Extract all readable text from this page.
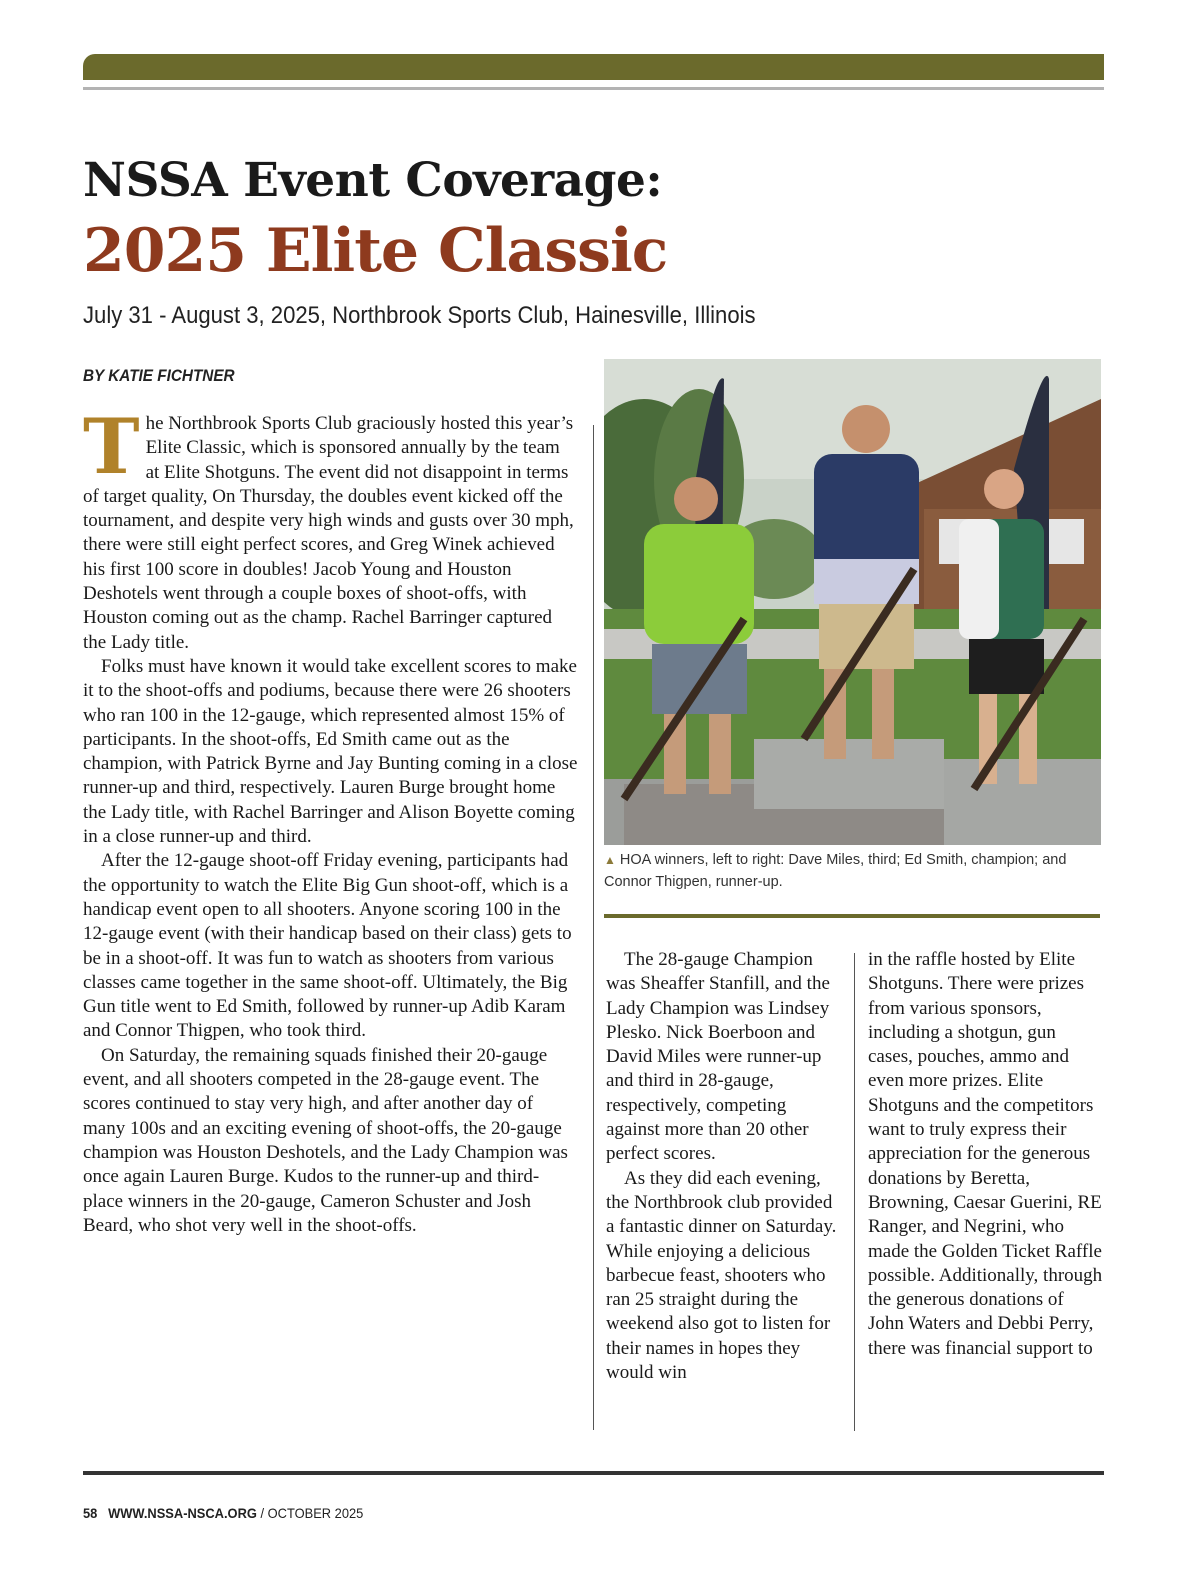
NSSA Event Coverage:
2025 Elite Classic

July 31 - August 3, 2025, Northbrook Sports Club, Hainesville, Illinois

BY KATIE FICHTNER

The Northbrook Sports Club graciously hosted this year’s Elite Classic, which is sponsored annually by the team at Elite Shotguns. The event did not disappoint in terms of target quality, On Thursday, the doubles event kicked off the tournament, and despite very high winds and gusts over 30 mph, there were still eight perfect scores, and Greg Winek achieved his first 100 score in doubles! Jacob Young and Houston Deshotels went through a couple boxes of shoot-offs, with Houston coming out as the champ. Rachel Barringer captured the Lady title.

Folks must have known it would take excellent scores to make it to the shoot-offs and podiums, because there were 26 shooters who ran 100 in the 12-gauge, which represented almost 15% of participants. In the shoot-offs, Ed Smith came out as the champion, with Patrick Byrne and Jay Bunting coming in a close runner-up and third, respectively. Lauren Burge brought home the Lady title, with Rachel Barringer and Alison Boyette coming in a close runner-up and third.

After the 12-gauge shoot-off Friday evening, participants had the opportunity to watch the Elite Big Gun shoot-off, which is a handicap event open to all shooters. Anyone scoring 100 in the 12-gauge event (with their handicap based on their class) gets to be in a shoot-off. It was fun to watch as shooters from various classes came together in the same shoot-off. Ultimately, the Big Gun title went to Ed Smith, followed by runner-up Adib Karam and Connor Thigpen, who took third.

On Saturday, the remaining squads finished their 20-gauge event, and all shooters competed in the 28-gauge event. The scores continued to stay very high, and after another day of many 100s and an exciting evening of shoot-offs, the 20-gauge champion was Houston Deshotels, and the Lady Champion was once again Lauren Burge. Kudos to the runner-up and third-place winners in the 20-gauge, Cameron Schuster and Josh Beard, who shot very well in the shoot-offs.

▲ HOA winners, left to right: Dave Miles, third; Ed Smith, champion; and Connor Thigpen, runner-up.

The 28-gauge Champion was Sheaffer Stanfill, and the Lady Champion was Lindsey Plesko. Nick Boerboon and David Miles were runner-up and third in 28-gauge, respectively, competing against more than 20 other perfect scores.

As they did each evening, the Northbrook club provided a fantastic dinner on Saturday. While enjoying a delicious barbecue feast, shooters who ran 25 straight during the weekend also got to listen for their names in hopes they would win

in the raffle hosted by Elite Shotguns. There were prizes from various sponsors, including a shotgun, gun cases, pouches, ammo and even more prizes. Elite Shotguns and the competitors want to truly express their appreciation for the generous donations by Beretta, Browning, Caesar Guerini, RE Ranger, and Negrini, who made the Golden Ticket Raffle possible. Additionally, through the generous donations of John Waters and Debbi Perry, there was financial support to

58 WWW.NSSA-NSCA.ORG / OCTOBER 2025
